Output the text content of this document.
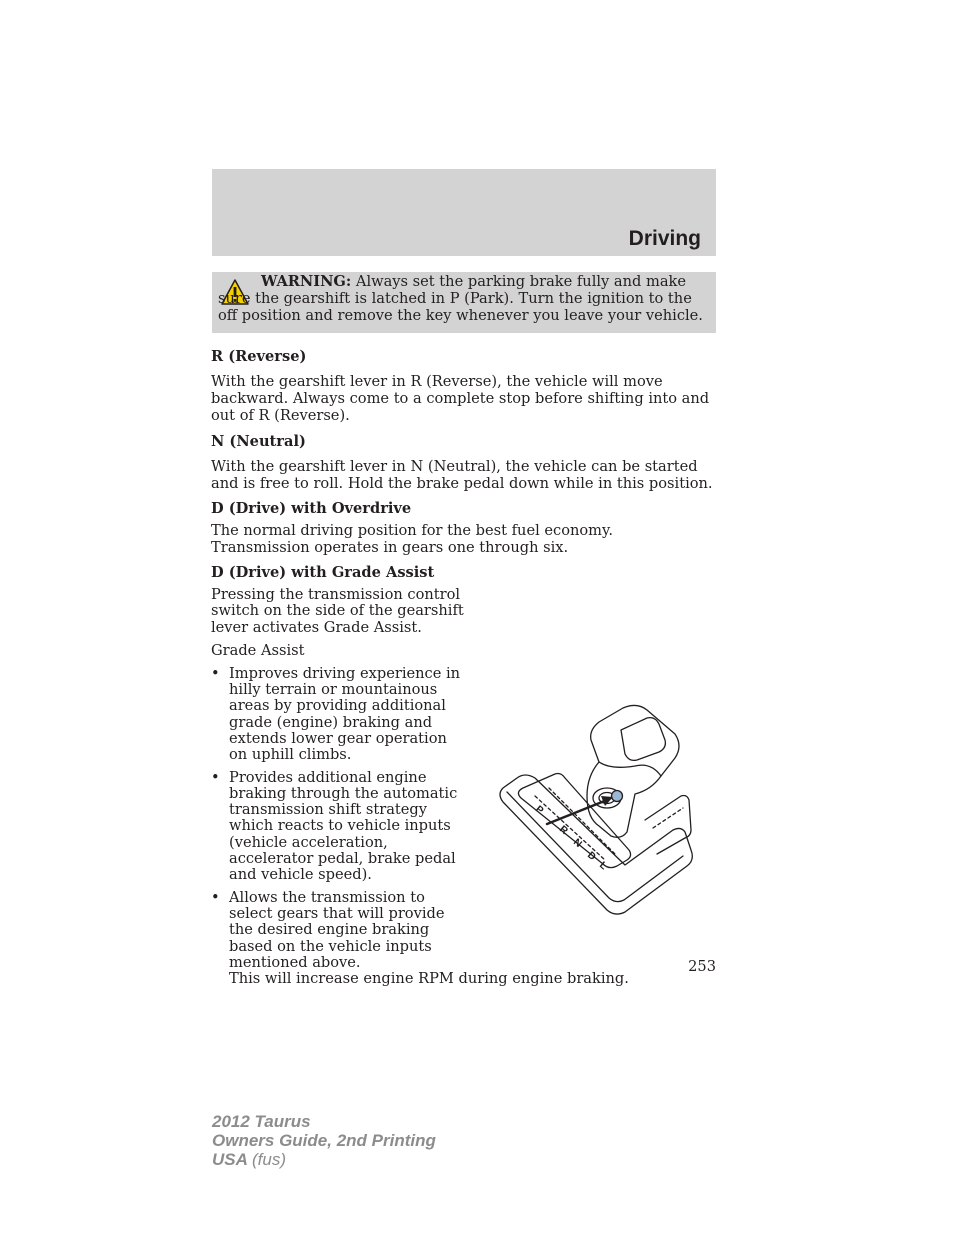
Driving

WARNING: Always set the parking brake fully and make sure the gearshift is latched in P (Park). Turn the ignition to the off position and remove the key whenever you leave your vehicle.

R (Reverse)

With the gearshift lever in R (Reverse), the vehicle will move backward. Always come to a complete stop before shifting into and out of R (Reverse).

N (Neutral)

With the gearshift lever in N (Neutral), the vehicle can be started and is free to roll. Hold the brake pedal down while in this position.

D (Drive) with Overdrive

The normal driving position for the best fuel economy. Transmission operates in gears one through six.

D (Drive) with Grade Assist

Pressing the transmission control switch on the side of the gearshift lever activates Grade Assist.

Grade Assist

• Improves driving experience in hilly terrain or mountainous areas by providing additional grade (engine) braking and extends lower gear operation on uphill climbs.
• Provides additional engine braking through the automatic transmission shift strategy which reacts to vehicle inputs (vehicle acceleration, accelerator pedal, brake pedal and vehicle speed).
• Allows the transmission to select gears that will provide the desired engine braking based on the vehicle inputs mentioned above.
This will increase engine RPM during engine braking.
P
R
N
D
L

253

2012 Taurus
Owners Guide, 2nd Printing
USA (fus)
